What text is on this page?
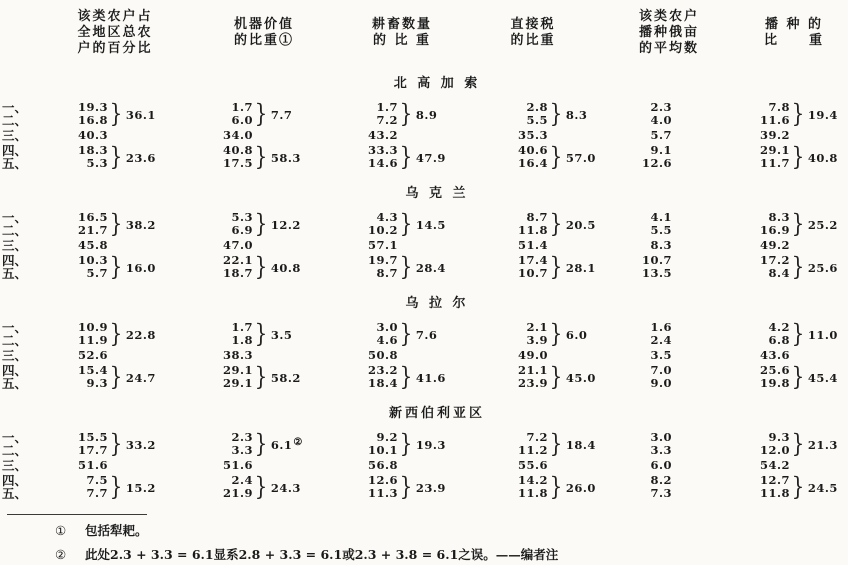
该类农户占
全地区总农
户的百分比
机器价值
的比重①
耕畜数量
的 比 重
直接税
的比重
该类农户
播种俄亩
的平均数
播 种 的
比　　重
北 高 加 索
一、
二、
三、
四、
五、
19.3
16.8 } 36.1
40.3
18.3
5.3 } 23.6
1.7
6.0 } 7.7
34.0
40.8
17.5 } 58.3
1.7
7.2 } 8.9
43.2
33.3
14.6 } 47.9
2.8
5.5 } 8.3
35.3
40.6
16.4 } 57.0
2.3
4.0
5.7
9.1
12.6
7.8
11.6 } 19.4
39.2
29.1
11.7 } 40.8
乌 克 兰
一、
二、
三、
四、
五、
16.5
21.7 } 38.2
45.8
10.3
5.7 } 16.0
5.3
6.9 } 12.2
47.0
22.1
18.7 } 40.8
4.3
10.2 } 14.5
57.1
19.7
8.7 } 28.4
8.7
11.8 } 20.5
51.4
17.4
10.7 } 28.1
4.1
5.5
8.3
10.7
13.5
8.3
16.9 } 25.2
49.2
17.2
8.4 } 25.6
乌 拉 尔
一、
二、
三、
四、
五、
10.9
11.9 } 22.8
52.6
15.4
9.3 } 24.7
1.7
1.8 } 3.5
38.3
29.1
29.1 } 58.2
3.0
4.6 } 7.6
50.8
23.2
18.4 } 41.6
2.1
3.9 } 6.0
49.0
21.1
23.9 } 45.0
1.6
2.4
3.5
7.0
9.0
4.2
6.8 } 11.0
43.6
25.6
19.8 } 45.4
新西伯利亚区
一、
二、
三、
四、
五、
15.5
17.7 } 33.2
51.6
7.5
7.7 } 15.2
2.3
3.3 } 6.1②
51.6
2.4
21.9 } 24.3
9.2
10.1 } 19.3
56.8
12.6
11.3 } 23.9
7.2
11.2 } 18.4
55.6
14.2
11.8 } 26.0
3.0
3.3
6.0
8.2
7.3
9.3
12.0 } 21.3
54.2
12.7
11.8 } 24.5
① 包括犁耙。
② 此处2.3 + 3.3 = 6.1显系2.8 + 3.3 = 6.1或2.3 + 3.8 = 6.1之误。——编者注
